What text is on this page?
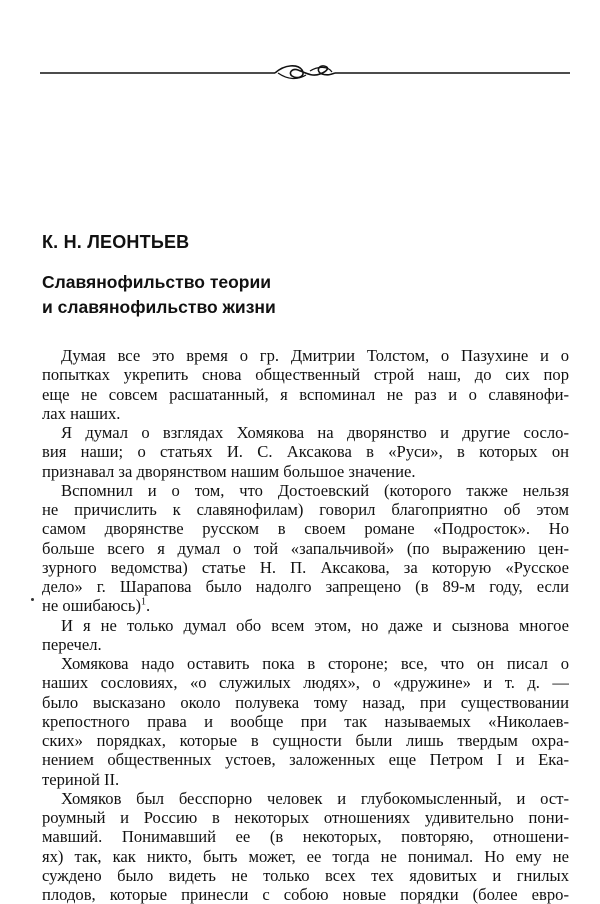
К. Н. ЛЕОНТЬЕВ
Славянофильство теории
и славянофильство жизни
Думая все это время о гр. Дмитрии Толстом, о Пазухине и о
попытках укрепить снова общественный строй наш, до сих пор
еще не совсем расшатанный, я вспоминал не раз и о славянофи-
лах наших.
Я думал о взглядах Хомякова на дворянство и другие сосло-
вия наши; о статьях И. С. Аксакова в «Руси», в которых он
признавал за дворянством нашим большое значение.
Вспомнил и о том, что Достоевский (которого также нельзя
не причислить к славянофилам) говорил благоприятно об этом
самом дворянстве русском в своем романе «Подросток». Но
больше всего я думал о той «запальчивой» (по выражению цен-
зурного ведомства) статье Н. П. Аксакова, за которую «Русское
дело» г. Шарапова было надолго запрещено (в 89-м году, если
не ошибаюсь)$^1$.
И я не только думал обо всем этом, но даже и сызнова многое
перечел.
Хомякова надо оставить пока в стороне; все, что он писал о
наших сословиях, «о служилых людях», о «дружине» и т. д. —
было высказано около полувека тому назад, при существовании
крепостного права и вообще при так называемых «Николаев-
ских» порядках, которые в сущности были лишь твердым охра-
нением общественных устоев, заложенных еще Петром I и Ека-
териной II.
Хомяков был бесспорно человек и глубокомысленный, и ост-
роумный и Россию в некоторых отношениях удивительно пони-
мавший. Понимавший ее (в некоторых, повторяю, отношени-
ях) так, как никто, быть может, ее тогда не понимал. Но ему не
суждено было видеть не только всех тех ядовитых и гнилых
плодов, которые принесли с собою новые порядки (более евро-
